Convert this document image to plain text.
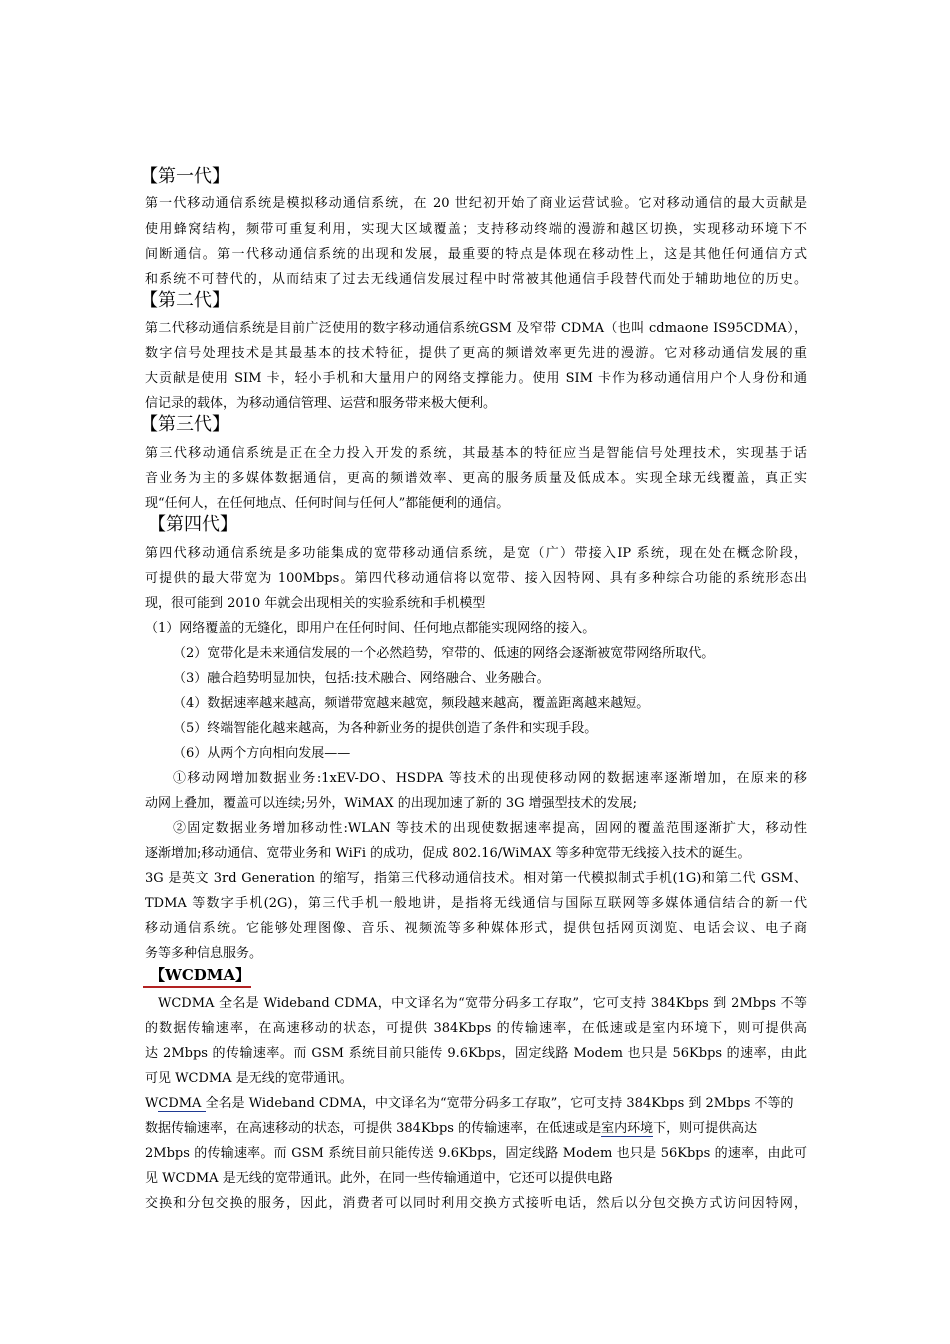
【第一代】
第一代移动通信系统是模拟移动通信系统，在 20 世纪初开始了商业运营试验。它对移动通信的最大贡献是
使用蜂窝结构，频带可重复利用，实现大区域覆盖；支持移动终端的漫游和越区切换，实现移动环境下不
间断通信。第一代移动通信系统的出现和发展，最重要的特点是体现在移动性上，这是其他任何通信方式
和系统不可替代的，从而结束了过去无线通信发展过程中时常被其他通信手段替代而处于辅助地位的历史。
【第二代】
第二代移动通信系统是目前广泛使用的数字移动通信系统GSM 及窄带 CDMA（也叫 cdmaone IS95CDMA），
数字信号处理技术是其最基本的技术特征，提供了更高的频谱效率更先进的漫游。它对移动通信发展的重
大贡献是使用 SIM 卡，轻小手机和大量用户的网络支撑能力。使用 SIM 卡作为移动通信用户个人身份和通
信记录的载体，为移动通信管理、运营和服务带来极大便利。
【第三代】
第三代移动通信系统是正在全力投入开发的系统，其最基本的特征应当是智能信号处理技术，实现基于话
音业务为主的多媒体数据通信，更高的频谱效率、更高的服务质量及低成本。实现全球无线覆盖，真正实
现“任何人，在任何地点、任何时间与任何人”都能便利的通信。
【第四代】
第四代移动通信系统是多功能集成的宽带移动通信系统，是宽（广）带接入IP 系统，现在处在概念阶段，
可提供的最大带宽为 100Mbps。第四代移动通信将以宽带、接入因特网、具有多种综合功能的系统形态出
现，很可能到 2010 年就会出现相关的实验系统和手机模型
（1）网络覆盖的无缝化，即用户在任何时间、任何地点都能实现网络的接入。
（2）宽带化是未来通信发展的一个必然趋势，窄带的、低速的网络会逐渐被宽带网络所取代。
（3）融合趋势明显加快，包括:技术融合、网络融合、业务融合。
（4）数据速率越来越高，频谱带宽越来越宽，频段越来越高，覆盖距离越来越短。
（5）终端智能化越来越高，为各种新业务的提供创造了条件和实现手段。
（6）从两个方向相向发展——
①移动网增加数据业务:1xEV-DO、HSDPA 等技术的出现使移动网的数据速率逐渐增加，在原来的移
动网上叠加，覆盖可以连续;另外，WiMAX 的出现加速了新的 3G 增强型技术的发展;
②固定数据业务增加移动性:WLAN 等技术的出现使数据速率提高，固网的覆盖范围逐渐扩大，移动性
逐渐增加;移动通信、宽带业务和 WiFi 的成功，促成 802.16/WiMAX 等多种宽带无线接入技术的诞生。
3G 是英文 3rd Generation 的缩写，指第三代移动通信技术。相对第一代模拟制式手机(1G)和第二代 GSM、
TDMA 等数字手机(2G)，第三代手机一般地讲，是指将无线通信与国际互联网等多媒体通信结合的新一代
移动通信系统。它能够处理图像、音乐、视频流等多种媒体形式，提供包括网页浏览、电话会议、电子商
务等多种信息服务。
【WCDMA】
WCDMA 全名是 Wideband CDMA，中文译名为“宽带分码多工存取”，它可支持 384Kbps 到 2Mbps 不等
的数据传输速率，在高速移动的状态，可提供 384Kbps 的传输速率，在低速或是室内环境下，则可提供高
达 2Mbps 的传输速率。而 GSM 系统目前只能传 9.6Kbps，固定线路 Modem 也只是 56Kbps 的速率，由此
可见 WCDMA 是无线的宽带通讯。
WCDMA 全名是 Wideband CDMA，中文译名为“宽带分码多工存取”，它可支持 384Kbps 到 2Mbps 不等的
数据传输速率，在高速移动的状态，可提供 384Kbps 的传输速率，在低速或是室内环境下，则可提供高达
2Mbps 的传输速率。而 GSM 系统目前只能传送 9.6Kbps，固定线路 Modem 也只是 56Kbps 的速率，由此可
见 WCDMA 是无线的宽带通讯。此外，在同一些传输通道中，它还可以提供电路
交换和分包交换的服务，因此，消费者可以同时利用交换方式接听电话，然后以分包交换方式访问因特网，
